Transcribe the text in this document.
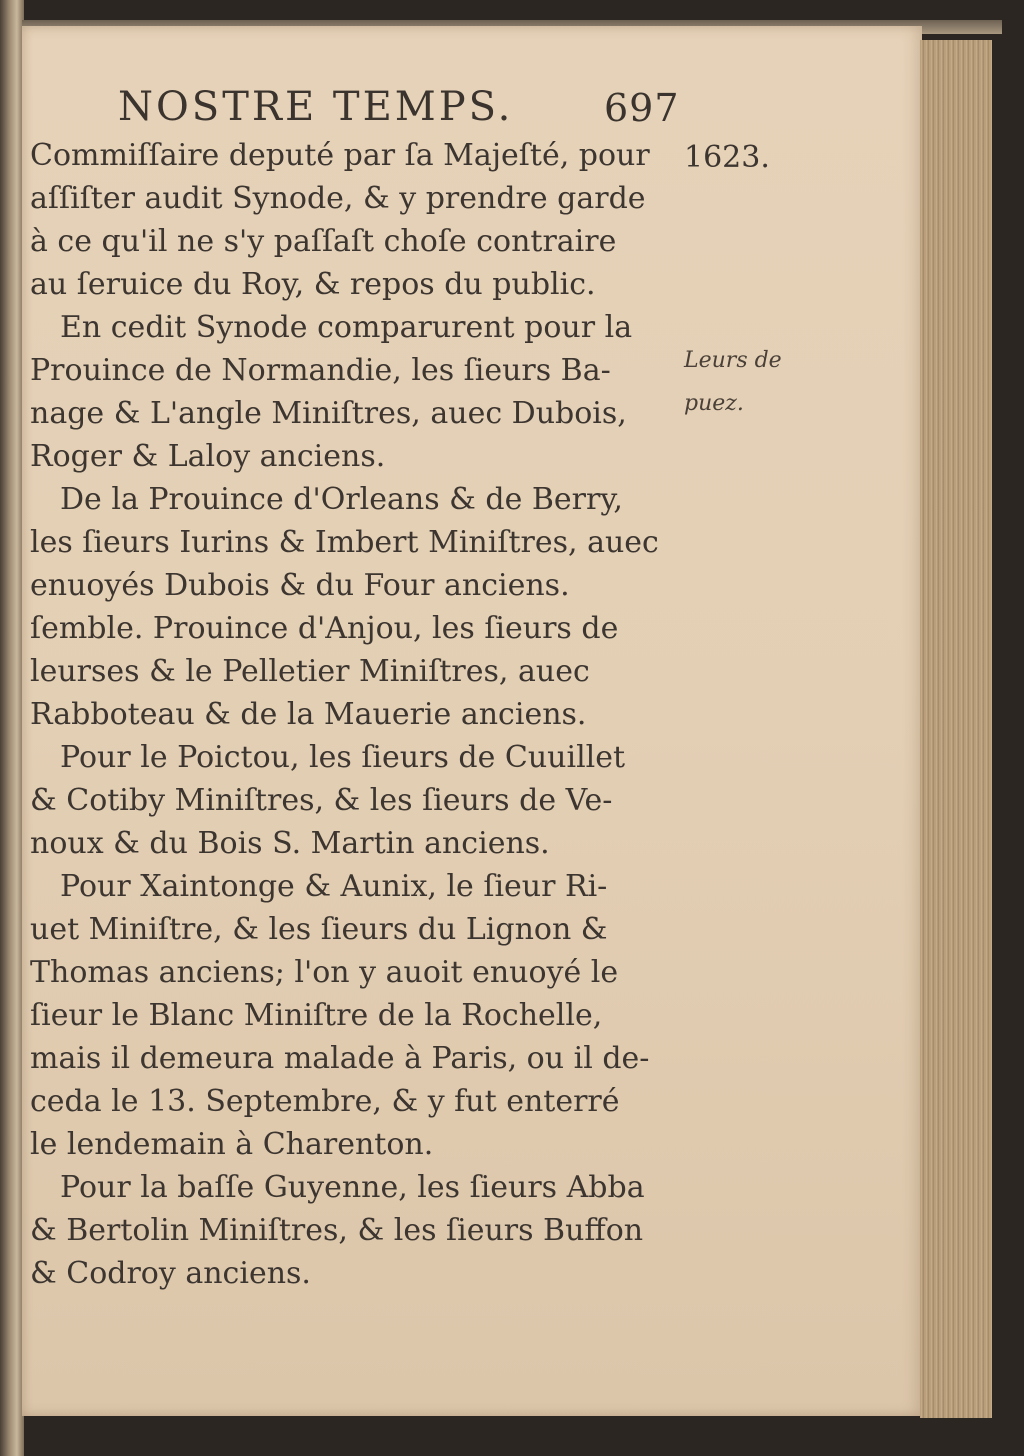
NOSTRE TEMPS. 697
1623.
Leurs de
puez.
Commiſſaire deputé par ſa Majeſté, pour
aſſiſter audit Synode, & y prendre garde
à ce qu'il ne s'y paſſaſt choſe contraire
au ſeruice du Roy, & repos du public.
En cedit Synode comparurent pour la
Prouince de Normandie, les ſieurs Ba-
nage & L'angle Miniſtres, auec Dubois,
Roger & Laloy anciens.
De la Prouince d'Orleans & de Berry,
les ſieurs Iurins & Imbert Miniſtres, auec
enuoyés Dubois & du Four anciens.
ſemble. Prouince d'Anjou, les ſieurs de
leurses & le Pelletier Miniſtres, auec
Rabboteau & de la Mauerie anciens.
Pour le Poictou, les ſieurs de Cuuillet
& Cotiby Miniſtres, & les ſieurs de Ve-
noux & du Bois S. Martin anciens.
Pour Xaintonge & Aunix, le ſieur Ri-
uet Miniſtre, & les ſieurs du Lignon &
Thomas anciens; l'on y auoit enuoyé le
ſieur le Blanc Miniſtre de la Rochelle,
mais il demeura malade à Paris, ou il de-
ceda le 13. Septembre, & y fut enterré
le lendemain à Charenton.
Pour la baſſe Guyenne, les ſieurs Abba
& Bertolin Miniſtres, & les ſieurs Buffon
& Codroy anciens.
